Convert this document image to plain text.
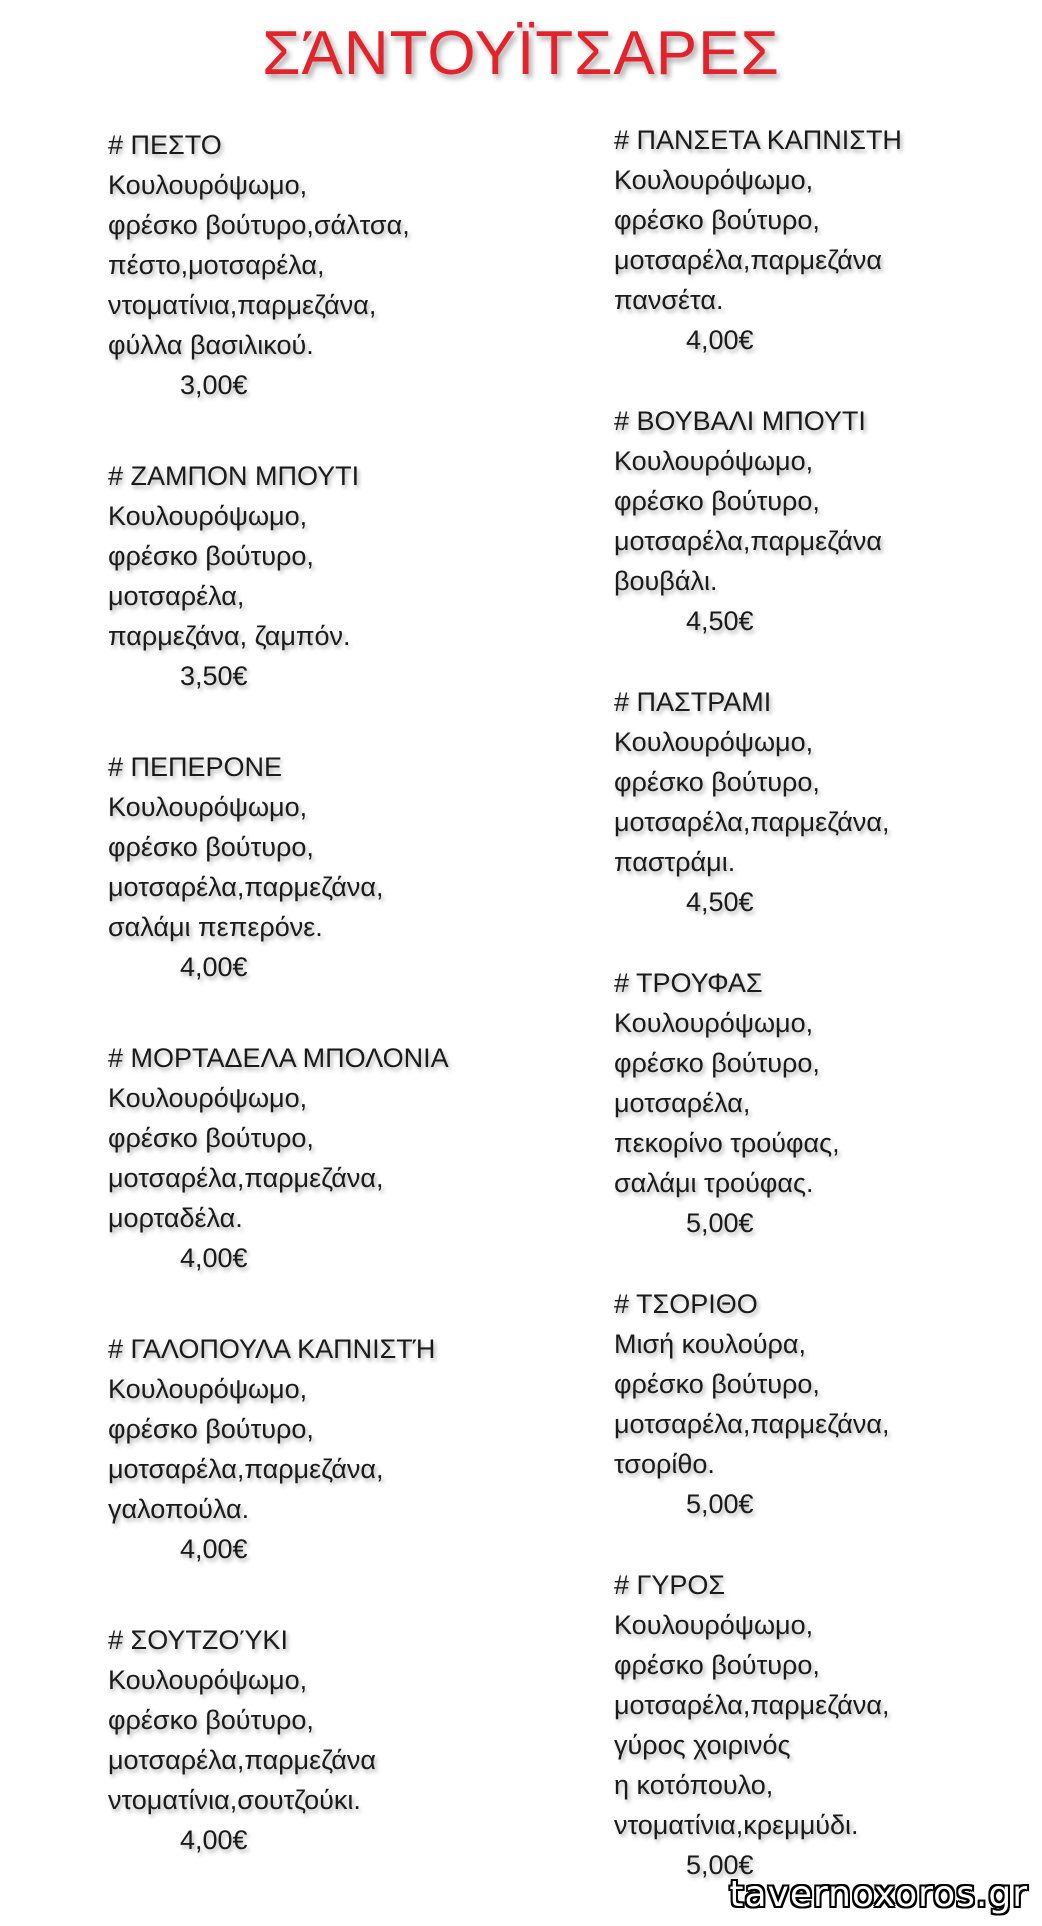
ΣΆΝΤΟΥΪΤΣΑΡΕΣ
# ΠΕΣΤΟ
Κουλουρόψωμο,
φρέσκο βούτυρο,σάλτσα,
πέστο,μοτσαρέλα,
ντοματίνια,παρμεζάνα,
φύλλα βασιλικού.
3,00€
# ΖΑΜΠΟΝ ΜΠΟΥΤΙ
Κουλουρόψωμο,
φρέσκο βούτυρο,
μοτσαρέλα,
παρμεζάνα, ζαμπόν.
3,50€
# ΠΕΠΕΡΟΝΕ
Κουλουρόψωμο,
φρέσκο βούτυρο,
μοτσαρέλα,παρμεζάνα,
σαλάμι πεπερόνε.
4,00€
# ΜΟΡΤΑΔΕΛΑ ΜΠΟΛΟΝΙΑ
Κουλουρόψωμο,
φρέσκο βούτυρο,
μοτσαρέλα,παρμεζάνα,
μορταδέλα.
4,00€
# ΓΑΛΟΠΟΥΛΑ ΚΑΠΝΙΣΤΉ
Κουλουρόψωμο,
φρέσκο βούτυρο,
μοτσαρέλα,παρμεζάνα,
γαλοπούλα.
4,00€
# ΣΟΥΤΖΟΎΚΙ
Κουλουρόψωμο,
φρέσκο βούτυρο,
μοτσαρέλα,παρμεζάνα
ντοματίνια,σουτζούκι.
4,00€
# ΠΑΝΣΕΤΑ ΚΑΠΝΙΣΤΗ
Κουλουρόψωμο,
φρέσκο βούτυρο,
μοτσαρέλα,παρμεζάνα
πανσέτα.
4,00€
# ΒΟΥΒΑΛΙ ΜΠΟΥΤΙ
Κουλουρόψωμο,
φρέσκο βούτυρο,
μοτσαρέλα,παρμεζάνα
βουβάλι.
4,50€
# ΠΑΣΤΡΑΜΙ
Κουλουρόψωμο,
φρέσκο βούτυρο,
μοτσαρέλα,παρμεζάνα,
παστράμι.
4,50€
# ΤΡΟΥΦΑΣ
Κουλουρόψωμο,
φρέσκο βούτυρο,
μοτσαρέλα,
πεκορίνο τρούφας,
σαλάμι τρούφας.
5,00€
# ΤΣΟΡΙΘΟ
Μισή κουλούρα,
φρέσκο βούτυρο,
μοτσαρέλα,παρμεζάνα,
τσορίθο.
5,00€
# ΓΥΡΟΣ
Κουλουρόψωμο,
φρέσκο βούτυρο,
μοτσαρέλα,παρμεζάνα,
γύρος χοιρινός
η κοτόπουλο,
ντοματίνια,κρεμμύδι.
5,00€
tavernoxoros.gr
